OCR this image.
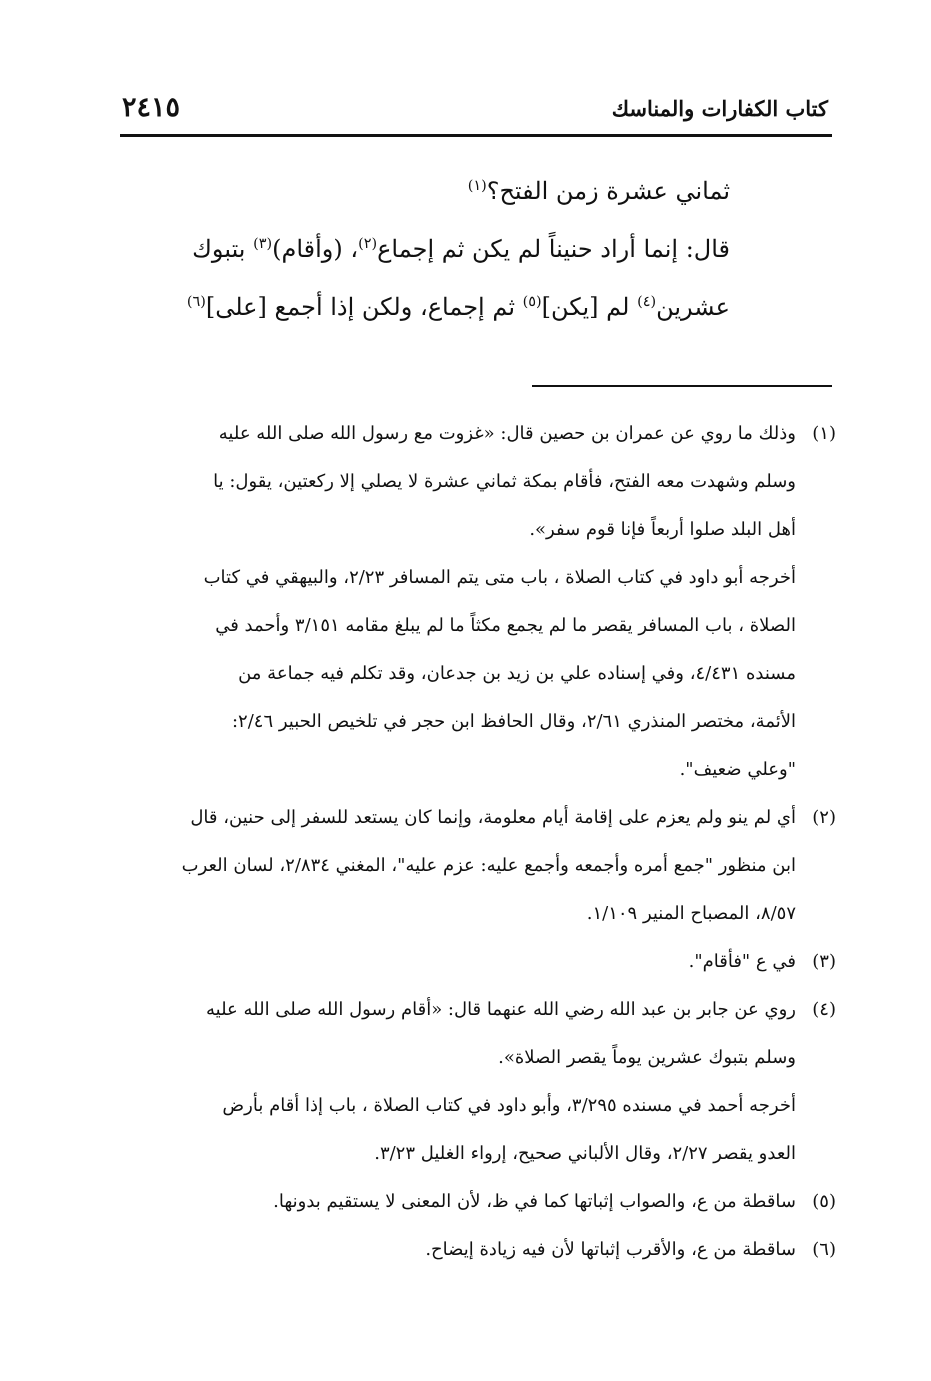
كتاب الكفارات والمناسك
٢٤١٥

ثماني عشرة زمن الفتح؟$^{(١)}$

قال: إنما أراد حنيناً لم يكن ثم إجماع$^{(٢)}$، (وأقام)$^{(٣)}$ بتبوك

عشرين$^{(٤)}$ لم [يكن]$^{(٥)}$ ثم إجماع، ولكن إذا أجمع [على]$^{(٦)}$

(١)
وذلك ما روي عن عمران بن حصين قال: «غزوت مع رسول الله صلى الله عليه
وسلم وشهدت معه الفتح، فأقام بمكة ثماني عشرة لا يصلي إلا ركعتين، يقول: يا
أهل البلد صلوا أربعاً فإنا قوم سفر».
أخرجه أبو داود في كتاب الصلاة ، باب متى يتم المسافر ٢/٢٣، والبيهقي في كتاب
الصلاة ، باب المسافر يقصر ما لم يجمع مكثاً ما لم يبلغ مقامه ٣/١٥١ وأحمد في
مسنده ٤/٤٣١، وفي إسناده علي بن زيد بن جدعان، وقد تكلم فيه جماعة من
الأئمة، مختصر المنذري ٢/٦١، وقال الحافظ ابن حجر في تلخيص الحبير ٢/٤٦:
"وعلي ضعيف".
(٢)
أي لم ينو ولم يعزم على إقامة أيام معلومة، وإنما كان يستعد للسفر إلى حنين، قال
ابن منظور "جمع أمره وأجمعه وأجمع عليه: عزم عليه"، المغني ٢/٨٣٤، لسان العرب
٨/٥٧، المصباح المنير ١/١٠٩.
(٣)
في ع "فأقام".
(٤)
روي عن جابر بن عبد الله رضي الله عنهما قال: «أقام رسول الله صلى الله عليه
وسلم بتبوك عشرين يوماً يقصر الصلاة».
أخرجه أحمد في مسنده ٣/٢٩٥، وأبو داود في كتاب الصلاة ، باب إذا أقام بأرض
العدو يقصر ٢/٢٧، وقال الألباني صحيح، إرواء الغليل ٣/٢٣.
(٥)
ساقطة من ع، والصواب إثباتها كما في ظ، لأن المعنى لا يستقيم بدونها.
(٦)
ساقطة من ع، والأقرب إثباتها لأن فيه زيادة إيضاح.
